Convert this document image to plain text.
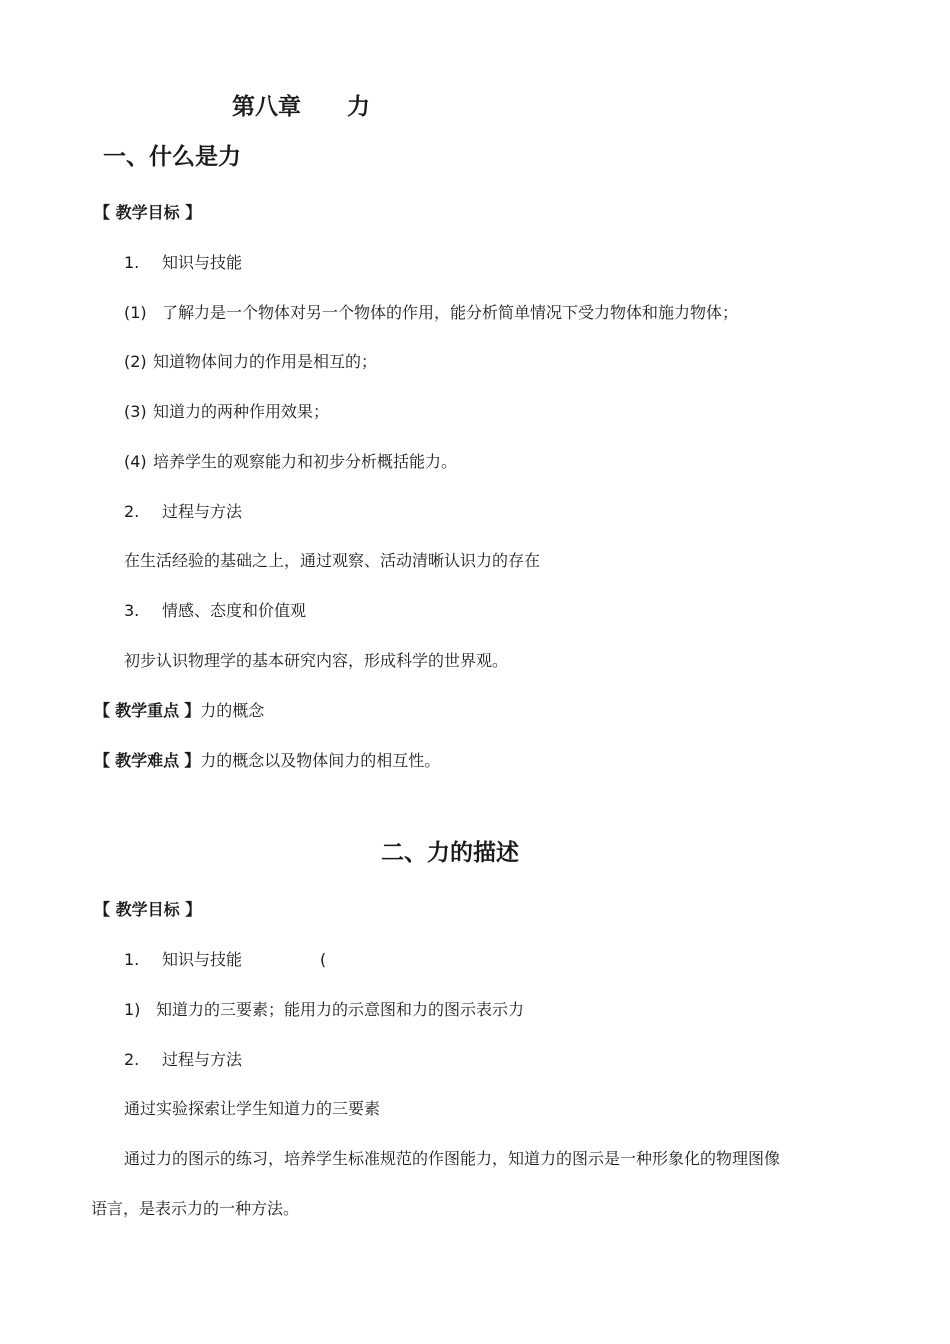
第八章 力
一、什么是力
【 教学目标 】
1. 知识与技能
(1) 了解力是一个物体对另一个物体的作用，能分析简单情况下受力物体和施力物体；
(2) 知道物体间力的作用是相互的；
(3) 知道力的两种作用效果；
(4) 培养学生的观察能力和初步分析概括能力。
2. 过程与方法
在生活经验的基础之上，通过观察、活动清晰认识力的存在
3. 情感、态度和价值观
初步认识物理学的基本研究内容，形成科学的世界观。
【 教学重点 】力的概念
【 教学难点 】力的概念以及物体间力的相互性。
二、力的描述
【 教学目标 】
1. 知识与技能	(
1) 知道力的三要素；能用力的示意图和力的图示表示力
2. 过程与方法
通过实验探索让学生知道力的三要素
通过力的图示的练习，培养学生标准规范的作图能力，知道力的图示是一种形象化的物理图像
语言，是表示力的一种方法。
